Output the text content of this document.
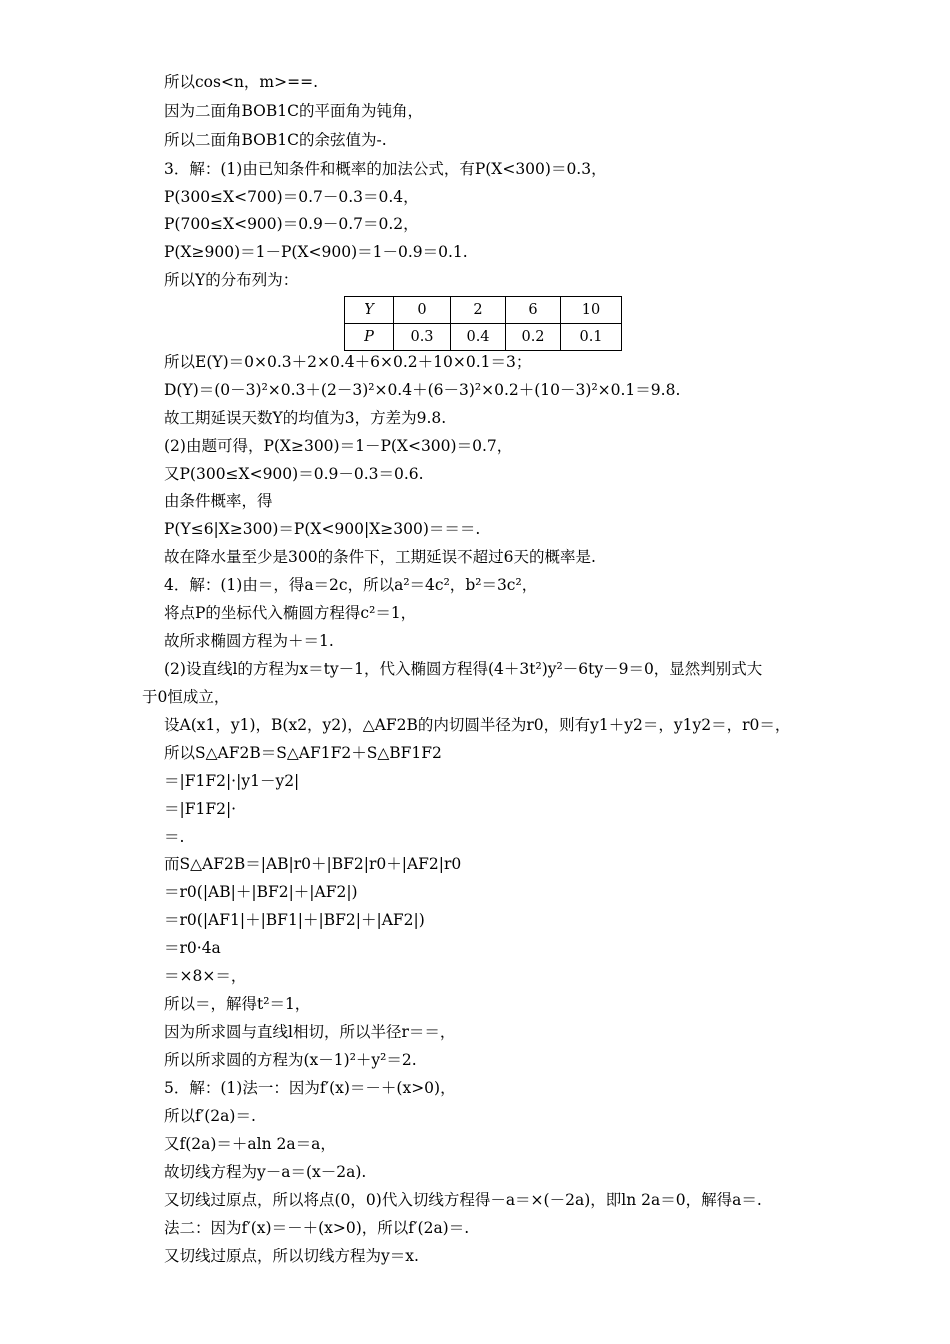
所以cos<n，m>==.
因为二面角BOB1C的平面角为钝角，
所以二面角BOB1C的余弦值为-.
3．解：(1)由已知条件和概率的加法公式，有P(X<300)＝0.3，
P(300≤X<700)＝0.7－0.3＝0.4，
P(700≤X<900)＝0.9－0.7＝0.2，
P(X≥900)＝1－P(X<900)＝1－0.9＝0.1.
所以Y的分布列为：
Y	0	2	6	10
P	0.3	0.4	0.2	0.1
所以E(Y)＝0×0.3＋2×0.4＋6×0.2＋10×0.1＝3；
D(Y)＝(0－3)²×0.3＋(2－3)²×0.4＋(6－3)²×0.2＋(10－3)²×0.1＝9.8.
故工期延误天数Y的均值为3，方差为9.8.
(2)由题可得，P(X≥300)＝1－P(X<300)＝0.7，
又P(300≤X<900)＝0.9－0.3＝0.6.
由条件概率，得
P(Y≤6|X≥300)＝P(X<900|X≥300)＝＝＝.
故在降水量至少是300的条件下，工期延误不超过6天的概率是.
4．解：(1)由＝，得a＝2c，所以a²＝4c²，b²＝3c²，
将点P的坐标代入椭圆方程得c²＝1，
故所求椭圆方程为＋＝1.
(2)设直线l的方程为x＝ty－1，代入椭圆方程得(4＋3t²)y²－6ty－9＝0，显然判别式大
于0恒成立，
设A(x1，y1)，B(x2，y2)，△AF2B的内切圆半径为r0，则有y1＋y2＝，y1y2＝，r0＝，
所以S△AF2B＝S△AF1F2＋S△BF1F2
＝|F1F2|·|y1－y2|
＝|F1F2|·
＝.
而S△AF2B＝|AB|r0＋|BF2|r0＋|AF2|r0
＝r0(|AB|＋|BF2|＋|AF2|)
＝r0(|AF1|＋|BF1|＋|BF2|＋|AF2|)
＝r0·4a
＝×8×＝，
所以＝，解得t²＝1，
因为所求圆与直线l相切，所以半径r＝＝，
所以所求圆的方程为(x－1)²＋y²＝2.
5．解：(1)法一：因为f′(x)＝－＋(x>0)，
所以f′(2a)＝.
又f(2a)＝＋aln 2a＝a，
故切线方程为y－a＝(x－2a).
又切线过原点，所以将点(0，0)代入切线方程得－a＝×(－2a)，即ln 2a＝0，解得a＝.
法二：因为f′(x)＝－＋(x>0)，所以f′(2a)＝.
又切线过原点，所以切线方程为y＝x.
